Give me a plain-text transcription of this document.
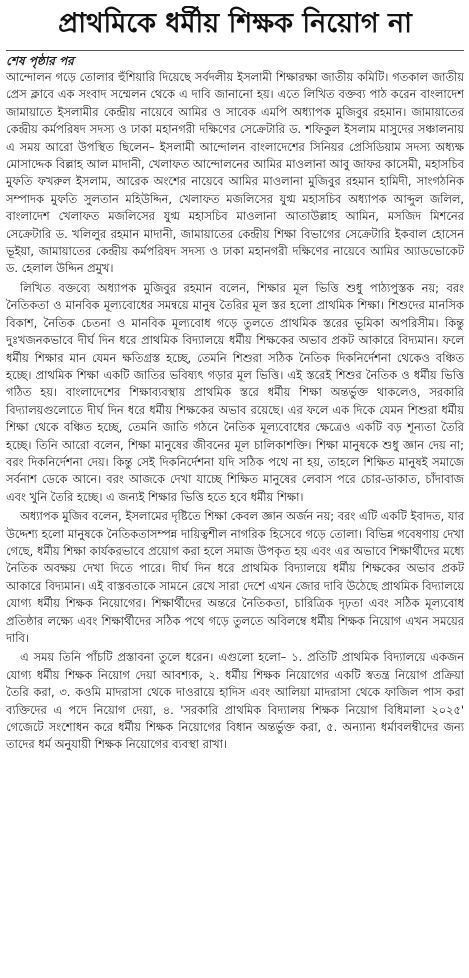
প্রাথমিকে ধর্মীয় শিক্ষক নিয়োগ না
শেষ পৃষ্ঠার পর

আন্দোলন গড়ে তোলার হুঁশিয়ারি দিয়েছে সর্বদলীয় ইসলামী শিক্ষারক্ষা জাতীয় কমিটি। গতকাল জাতীয় প্রেস ক্লাবে এক সংবাদ সম্মেলন থেকে এ দাবি জানানো হয়। এতে লিখিত বক্তব্য পাঠ করেন বাংলাদেশ জামায়াতে ইসলামীর কেন্দ্রীয় নায়েবে আমির ও সাবেক এমপি অধ্যাপক মুজিবুর রহমান। জামায়াতের কেন্দ্রীয় কর্মপরিষদ সদস্য ও ঢাকা মহানগরী দক্ষিণের সেক্রেটারি ড. শফিকুল ইসলাম মাসুদের সঞ্চালনায় এ সময় আরো উপস্থিত ছিলেন– ইসলামী আন্দোলন বাংলাদেশের সিনিয়র প্রেসিডিয়াম সদস্য অধ্যক্ষ মোসাদ্দেক বিল্লাহ আল মাদানী, খেলাফত আন্দোলনের আমির মাওলানা আবু জাফর কাসেমী, মহাসচিব মুফতি ফখরুল ইসলাম, আরেক অংশের নায়েবে আমির মাওলানা মুজিবুর রহমান হামিদী, সাংগঠনিক সম্পাদক মুফতি সুলতান মহিউদ্দিন, খেলাফত মজলিসের যুগ্ম মহাসচিব অধ্যাপক আব্দুল জলিল, বাংলাদেশ খেলাফত মজলিসের যুগ্ম মহাসচিব মাওলানা আতাউল্লাহ আমিন, মসজিদ মিশনের সেক্রেটারি ড. খলিলুর রহমান মাদানী, জামায়াতের কেন্দ্রীয় শিক্ষা বিভাগের সেক্রেটারি ইকবাল হোসেন ভূইয়া, জামায়াতের কেন্দ্রীয় কর্মপরিষদ সদস্য ও ঢাকা মহানগরী দক্ষিণের নায়েবে আমির অ্যাডভোকেট ড. হেলাল উদ্দিন প্রমুখ।

লিখিত বক্তব্যে অধ্যাপক মুজিবুর রহমান বলেন, শিক্ষার মূল ভিত্তি শুধু পাঠ্যপুস্তক নয়; বরং নৈতিকতা ও মানবিক মূল্যবোধের সমন্বয়ে মানুষ তৈরির মূল স্তর হলো প্রাথমিক শিক্ষা। শিশুদের মানসিক বিকাশ, নৈতিক চেতনা ও মানবিক মূল্যবোধ গড়ে তুলতে প্রাথমিক স্তরের ভূমিকা অপরিসীম। কিন্তু দুঃখজনকভাবে দীর্ঘ দিন ধরে প্রাথমিক বিদ্যালয়ে ধর্মীয় শিক্ষকের অভাব প্রকট আকারে বিদ্যমান। ফলে ধর্মীয় শিক্ষার মান যেমন ক্ষতিগ্রস্ত হচ্ছে, তেমনি শিশুরা সঠিক নৈতিক দিকনির্দেশনা থেকেও বঞ্চিত হচ্ছে। প্রাথমিক শিক্ষা একটি জাতির ভবিষ্যৎ গড়ার মূল ভিত্তি। এই স্তরেই শিশুর নৈতিক ও ধর্মীয় ভিত্তি গঠিত হয়। বাংলাদেশের শিক্ষাব্যবস্থায় প্রাথমিক স্তরে ধর্মীয় শিক্ষা অন্তর্ভুক্ত থাকলেও, সরকারি বিদ্যালয়গুলোতে দীর্ঘ দিন ধরে ধর্মীয় শিক্ষকের অভাব রয়েছে। এর ফলে এক দিকে যেমন শিশুরা ধর্মীয় শিক্ষা থেকে বঞ্চিত হচ্ছে, তেমনি জাতি গঠনে নৈতিক মূল্যবোধের ক্ষেত্রেও একটি বড় শূন্যতা তৈরি হচ্ছে। তিনি আরো বলেন, শিক্ষা মানুষের জীবনের মূল চালিকাশক্তি। শিক্ষা মানুষকে শুধু জ্ঞান দেয় না; বরং দিকনির্দেশনা দেয়। কিন্তু সেই দিকনির্দেশনা যদি সঠিক পথে না হয়, তাহলে শিক্ষিত মানুষই সমাজে সর্বনাশ ডেকে আনে। বরং আজকে দেখা যাচ্ছে শিক্ষিত মানুষের লেবাস পরে চোর-ডাকাত, চাঁদাবাজ এবং খুনি তৈরি হচ্ছে। এ জন্যই শিক্ষার ভিত্তি হতে হবে ধর্মীয় শিক্ষা।

অধ্যাপক মুজিব বলেন, ইসলামের দৃষ্টিতে শিক্ষা কেবল জ্ঞান অর্জন নয়; বরং এটি একটি ইবাদত, যার উদ্দেশ্য হলো মানুষকে নৈতিকতাসম্পন্ন দায়িত্বশীল নাগরিক হিসেবে গড়ে তোলা। বিভিন্ন গবেষণায় দেখা গেছে, ধর্মীয় শিক্ষা কার্যকরভাবে প্রয়োগ করা হলে সমাজ উপকৃত হয় এবং এর অভাবে শিক্ষার্থীদের মধ্যে নৈতিক অবক্ষয় দেখা দিতে পারে। দীর্ঘ দিন ধরে প্রাথমিক বিদ্যালয়ে ধর্মীয় শিক্ষকের অভাব প্রকট আকারে বিদ্যমান। এই বাস্তবতাকে সামনে রেখে সারা দেশে এখন জোর দাবি উঠেছে প্রাথমিক বিদ্যালয়ে যোগ্য ধর্মীয় শিক্ষক নিয়োগের। শিক্ষার্থীদের অন্তরে নৈতিকতা, চারিত্রিক দৃঢ়তা এবং সঠিক মূল্যবোধ প্রতিষ্ঠার লক্ষ্যে এবং শিক্ষার্থীদের সঠিক পথে গড়ে তুলতে অবিলম্বে ধর্মীয় শিক্ষক নিয়োগ এখন সময়ের দাবি।

এ সময় তিনি পাঁচটি প্রস্তাবনা তুলে ধরেন। এগুলো হলো– ১. প্রতিটি প্রাথমিক বিদ্যালয়ে একজন যোগ্য ধর্মীয় শিক্ষক নিয়োগ দেয়া আবশ্যক, ২. ধর্মীয় শিক্ষক নিয়োগের একটি স্বতন্ত্র নিয়োগ প্রক্রিয়া তৈরি করা, ৩. কওমি মাদরাসা থেকে দাওরায়ে হাদিস এবং আলিয়া মাদরাসা থেকে ফাজিল পাস করা ব্যক্তিদের এ পদে নিয়োগ দেয়া, ৪. 'সরকারি প্রাথমিক বিদ্যালয় শিক্ষক নিয়োগ বিধিমালা ২০২৫' গেজেটে সংশোধন করে ধর্মীয় শিক্ষক নিয়োগের বিধান অন্তর্ভুক্ত করা, ৫. অন্যান্য ধর্মাবলম্বীদের জন্য তাদের ধর্ম অনুযায়ী শিক্ষক নিয়োগের ব্যবস্থা রাখা।
